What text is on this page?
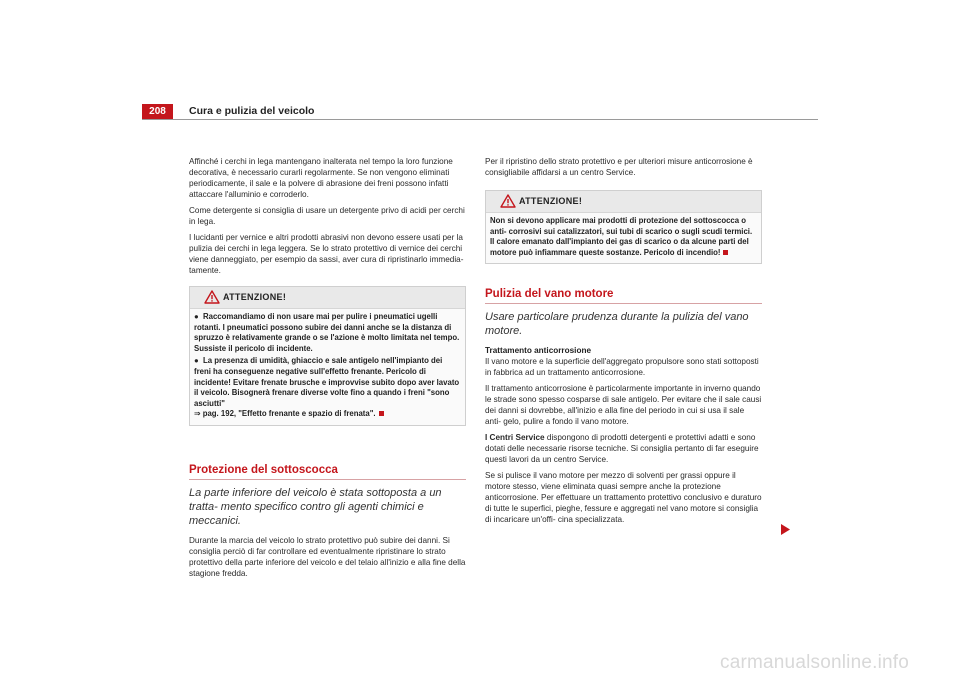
208	Cura e pulizia del veicolo

Affinché i cerchi in lega mantengano inalterata nel tempo la loro funzione decorativa, è necessario curarli regolarmente. Se non vengono eliminati periodicamente, il sale e la polvere di abrasione dei freni possono infatti attaccare l'alluminio e corroderlo.

Come detergente si consiglia di usare un detergente privo di acidi per cerchi in lega.

I lucidanti per vernice e altri prodotti abrasivi non devono essere usati per la pulizia dei cerchi in lega leggera. Se lo strato protettivo di vernice dei cerchi viene danneggiato, per esempio da sassi, aver cura di ripristinarlo immedia- tamente.

ATTENZIONE!

● Raccomandiamo di non usare mai per pulire i pneumatici ugelli rotanti. I pneumatici possono subire dei danni anche se la distanza di spruzzo è relativamente grande o se l'azione è molto limitata nel tempo. Sussiste il pericolo di incidente.

● La presenza di umidità, ghiaccio e sale antigelo nell'impianto dei freni ha conseguenze negative sull'effetto frenante. Pericolo di incidente! Evitare frenate brusche e improvvise subito dopo aver lavato il veicolo. Bisognerà frenare diverse volte fino a quando i freni "sono asciutti"
⇒ pag. 192, "Effetto frenante e spazio di frenata".

Protezione del sottoscocca
La parte inferiore del veicolo è stata sottoposta a un tratta- mento specifico contro gli agenti chimici e meccanici.

Durante la marcia del veicolo lo strato protettivo può subire dei danni. Si consiglia perciò di far controllare ed eventualmente ripristinare lo strato protettivo della parte inferiore del veicolo e del telaio all'inizio e alla fine della stagione fredda.

Per il ripristino dello strato protettivo e per ulteriori misure anticorrosione è consigliabile affidarsi a un centro Service.

ATTENZIONE!

Non si devono applicare mai prodotti di protezione del sottoscocca o anti- corrosivi sui catalizzatori, sui tubi di scarico o sugli scudi termici. Il calore emanato dall'impianto dei gas di scarico o da alcune parti del motore può infiammare queste sostanze. Pericolo di incendio!

Pulizia del vano motore
Usare particolare prudenza durante la pulizia del vano motore.

Trattamento anticorrosione

Il vano motore e la superficie dell'aggregato propulsore sono stati sottoposti in fabbrica ad un trattamento anticorrosione.

Il trattamento anticorrosione è particolarmente importante in inverno quando le strade sono spesso cosparse di sale antigelo. Per evitare che il sale causi dei danni si dovrebbe, all'inizio e alla fine del periodo in cui si usa il sale anti- gelo, pulire a fondo il vano motore.

I Centri Service dispongono di prodotti detergenti e protettivi adatti e sono dotati delle necessarie risorse tecniche. Si consiglia pertanto di far eseguire questi lavori da un centro Service.

Se si pulisce il vano motore per mezzo di solventi per grassi oppure il motore stesso, viene eliminata quasi sempre anche la protezione anticorrosione. Per effettuare un trattamento protettivo conclusivo e duraturo di tutte le superfici, pieghe, fessure e aggregati nel vano motore si consiglia di incaricare un'offi- cina specializzata.

carmanualsonline.info
